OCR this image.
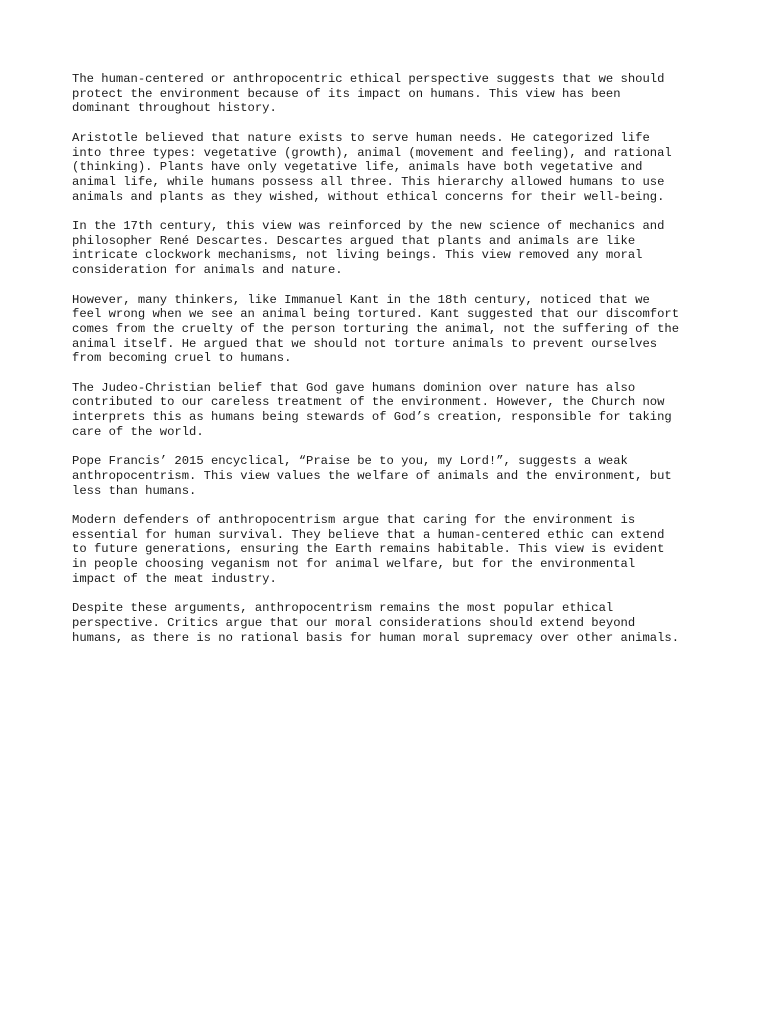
The human-centered or anthropocentric ethical perspective suggests that we should
protect the environment because of its impact on humans. This view has been
dominant throughout history.

Aristotle believed that nature exists to serve human needs. He categorized life
into three types: vegetative (growth), animal (movement and feeling), and rational
(thinking). Plants have only vegetative life, animals have both vegetative and
animal life, while humans possess all three. This hierarchy allowed humans to use
animals and plants as they wished, without ethical concerns for their well-being.

In the 17th century, this view was reinforced by the new science of mechanics and
philosopher René Descartes. Descartes argued that plants and animals are like
intricate clockwork mechanisms, not living beings. This view removed any moral
consideration for animals and nature.

However, many thinkers, like Immanuel Kant in the 18th century, noticed that we
feel wrong when we see an animal being tortured. Kant suggested that our discomfort
comes from the cruelty of the person torturing the animal, not the suffering of the
animal itself. He argued that we should not torture animals to prevent ourselves
from becoming cruel to humans.

The Judeo-Christian belief that God gave humans dominion over nature has also
contributed to our careless treatment of the environment. However, the Church now
interprets this as humans being stewards of God’s creation, responsible for taking
care of the world.

Pope Francis’ 2015 encyclical, “Praise be to you, my Lord!”, suggests a weak
anthropocentrism. This view values the welfare of animals and the environment, but
less than humans.

Modern defenders of anthropocentrism argue that caring for the environment is
essential for human survival. They believe that a human-centered ethic can extend
to future generations, ensuring the Earth remains habitable. This view is evident
in people choosing veganism not for animal welfare, but for the environmental
impact of the meat industry.

Despite these arguments, anthropocentrism remains the most popular ethical
perspective. Critics argue that our moral considerations should extend beyond
humans, as there is no rational basis for human moral supremacy over other animals.
